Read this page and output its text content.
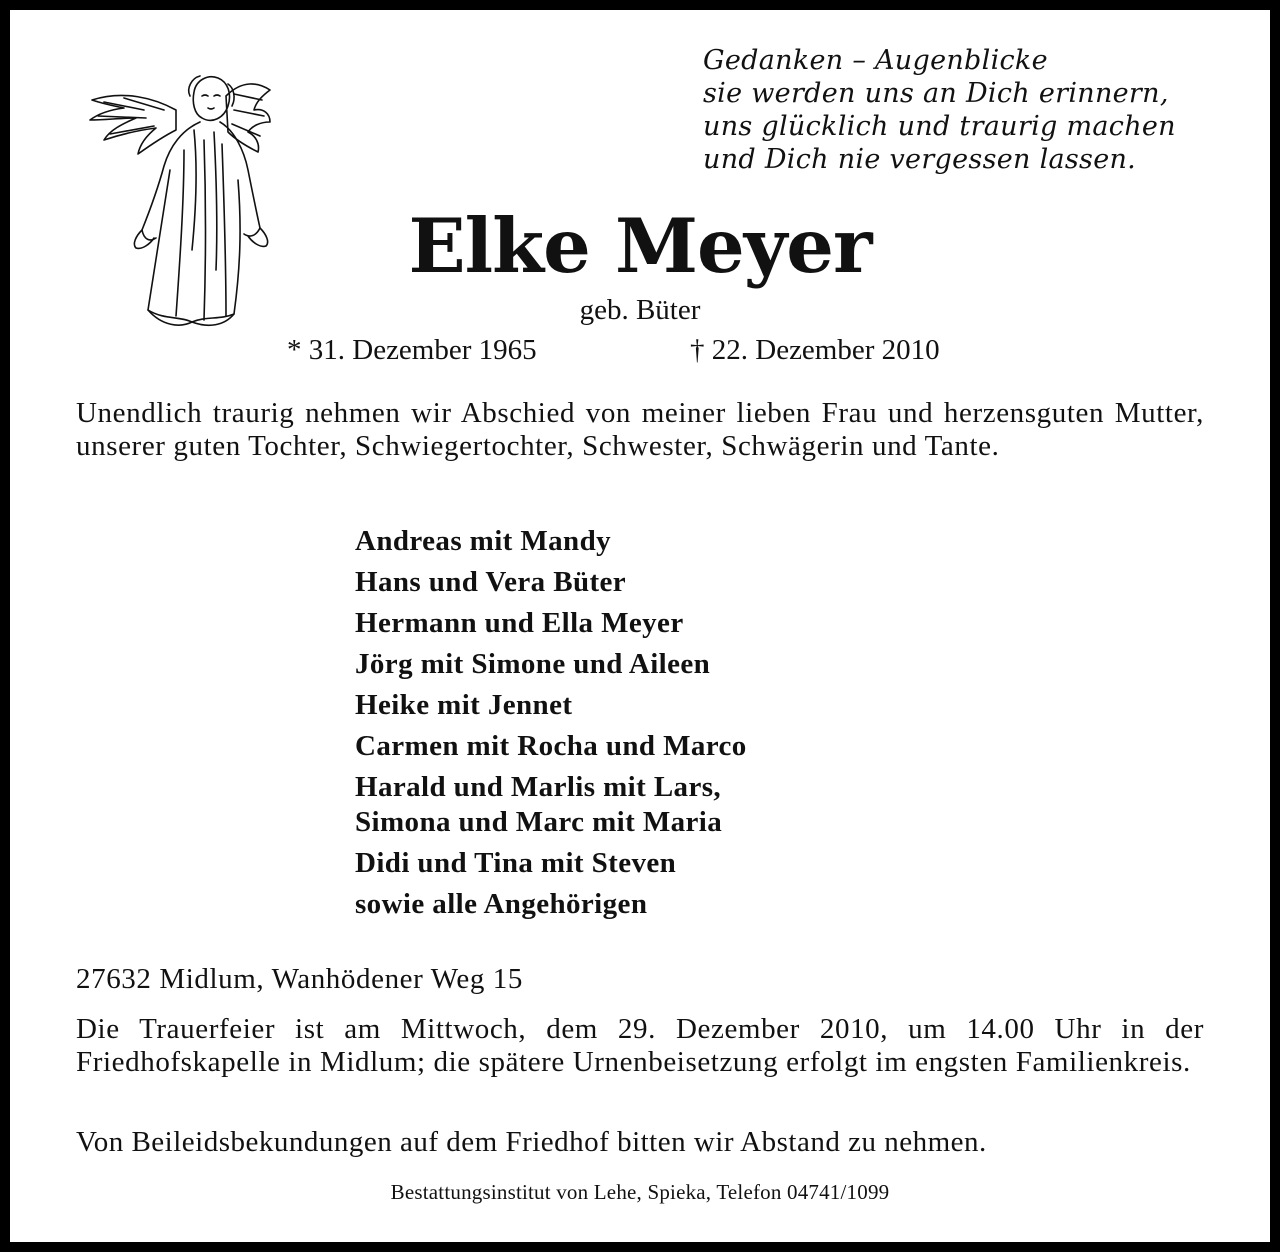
Gedanken – Augenblicke
sie werden uns an Dich erinnern,
uns glücklich und traurig machen
und Dich nie vergessen lassen.
Elke Meyer
geb. Büter
* 31. Dezember 1965	† 22. Dezember 2010
Unendlich traurig nehmen wir Abschied von meiner lieben Frau und herzensguten Mutter, unserer guten Tochter, Schwiegertochter, Schwester, Schwägerin und Tante.
Andreas mit Mandy
Hans und Vera Büter
Hermann und Ella Meyer
Jörg mit Simone und Aileen
Heike mit Jennet
Carmen mit Rocha und Marco
Harald und Marlis mit Lars,
Simona und Marc mit Maria
Didi und Tina mit Steven
sowie alle Angehörigen
27632 Midlum, Wanhödener Weg 15
Die Trauerfeier ist am Mittwoch, dem 29. Dezember 2010, um 14.00 Uhr in der Friedhofskapelle in Midlum; die spätere Urnenbeisetzung erfolgt im engsten Familienkreis.
Von Beileidsbekundungen auf dem Friedhof bitten wir Abstand zu nehmen.
Bestattungsinstitut von Lehe, Spieka, Telefon 04741/1099
